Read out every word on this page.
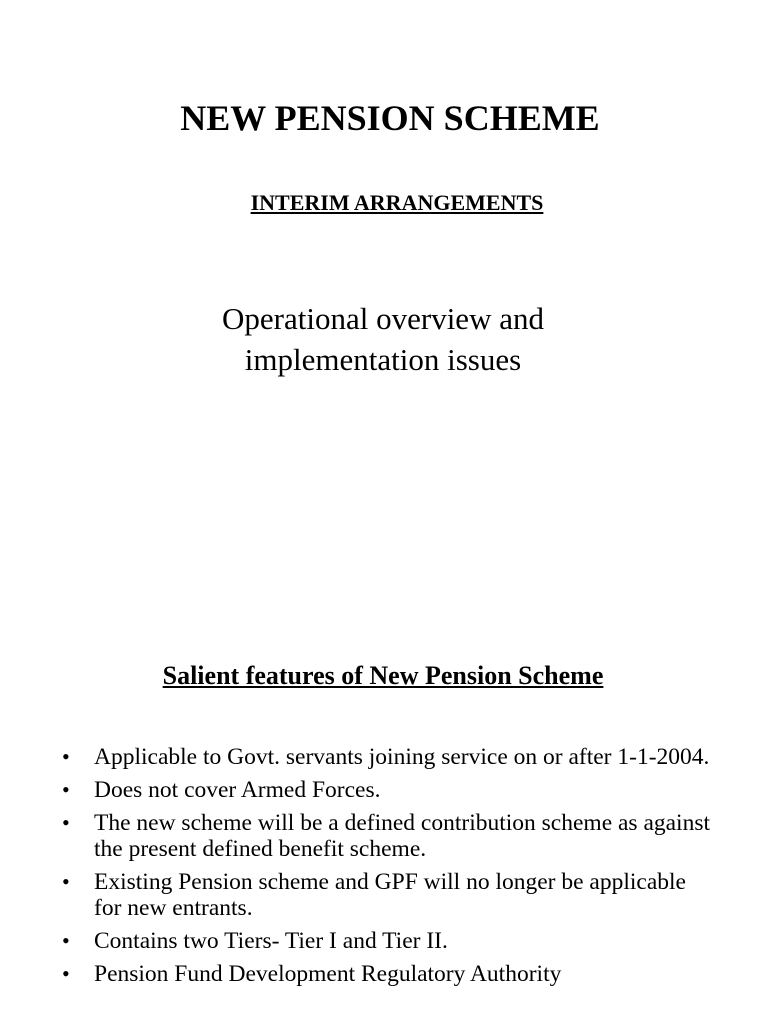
NEW PENSION SCHEME
INTERIM ARRANGEMENTS
Operational overview and
implementation issues
Salient features of New Pension Scheme
• Applicable to Govt. servants joining service on or after 1-1-2004.
• Does not cover Armed Forces.
• The new scheme will be a defined contribution scheme as against the present defined benefit scheme.
• Existing Pension scheme and GPF will no longer be applicable for new entrants.
• Contains two Tiers- Tier I and Tier II.
• Pension Fund Development Regulatory Authority
